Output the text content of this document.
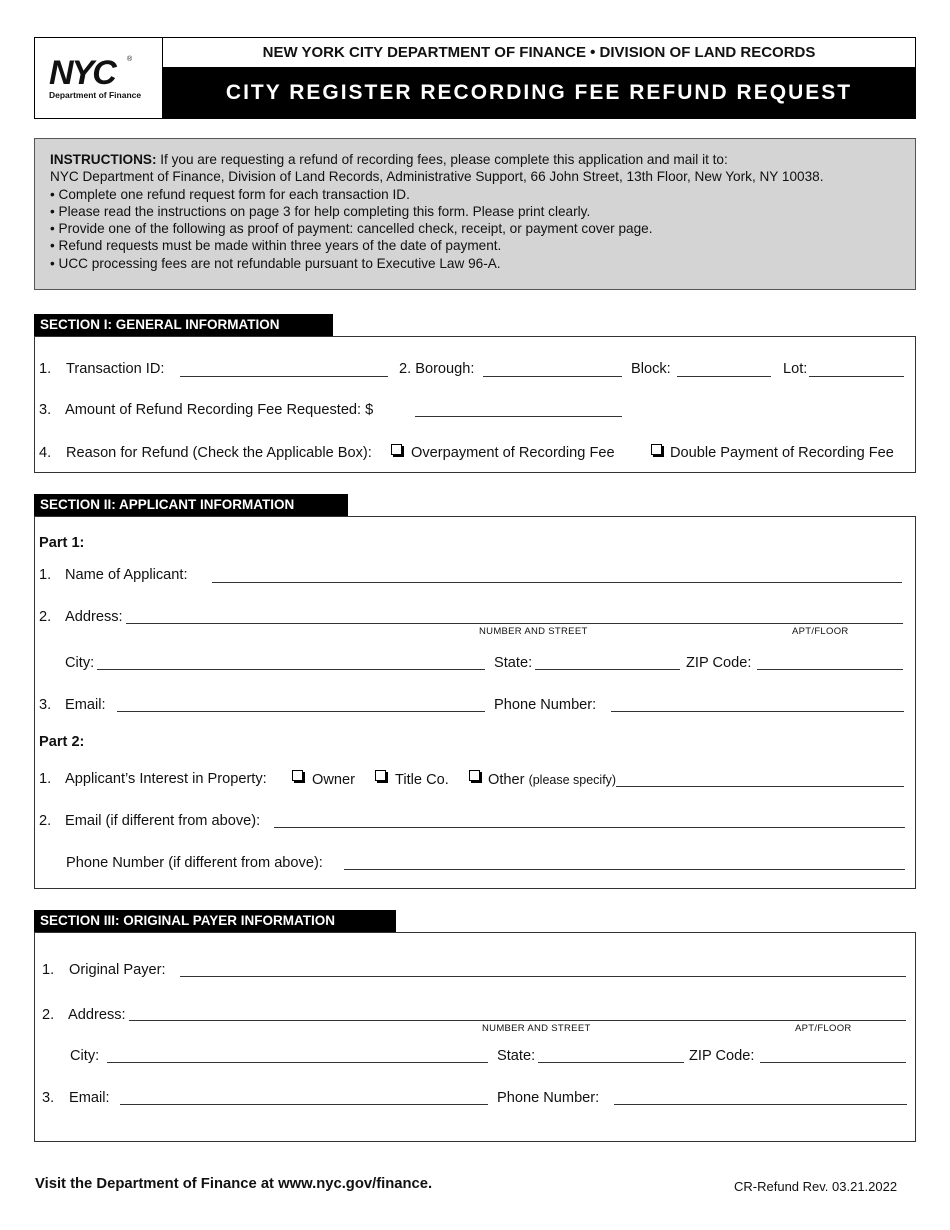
NYC ®
Department of Finance
NEW YORK CITY DEPARTMENT OF FINANCE • DIVISION OF LAND RECORDS
CITY REGISTER RECORDING FEE REFUND REQUEST
INSTRUCTIONS: If you are requesting a refund of recording fees, please complete this application and mail it to:
NYC Department of Finance, Division of Land Records, Administrative Support, 66 John Street, 13th Floor, New York, NY 10038.
• Complete one refund request form for each transaction ID.
• Please read the instructions on page 3 for help completing this form. Please print clearly.
• Provide one of the following as proof of payment: cancelled check, receipt, or payment cover page.
• Refund requests must be made within three years of the date of payment.
• UCC processing fees are not refundable pursuant to Executive Law 96-A.
SECTION I: GENERAL INFORMATION
1. Transaction ID:	2. Borough:	Block:	Lot:
3. Amount of Refund Recording Fee Requested: $
4. Reason for Refund (Check the Applicable Box):	Overpayment of Recording Fee	Double Payment of Recording Fee
SECTION II: APPLICANT INFORMATION
Part 1:
1. Name of Applicant:
2. Address:
NUMBER AND STREET	APT/FLOOR
City:	State:	ZIP Code:
3. Email:	Phone Number:
Part 2:
1. Applicant’s Interest in Property:	Owner	Title Co.	Other (please specify)
2. Email (if different from above):
Phone Number (if different from above):
SECTION III: ORIGINAL PAYER INFORMATION
1. Original Payer:
2. Address:
NUMBER AND STREET	APT/FLOOR
City:	State:	ZIP Code:
3. Email:	Phone Number:
Visit the Department of Finance at www.nyc.gov/finance.	CR-Refund Rev. 03.21.2022
